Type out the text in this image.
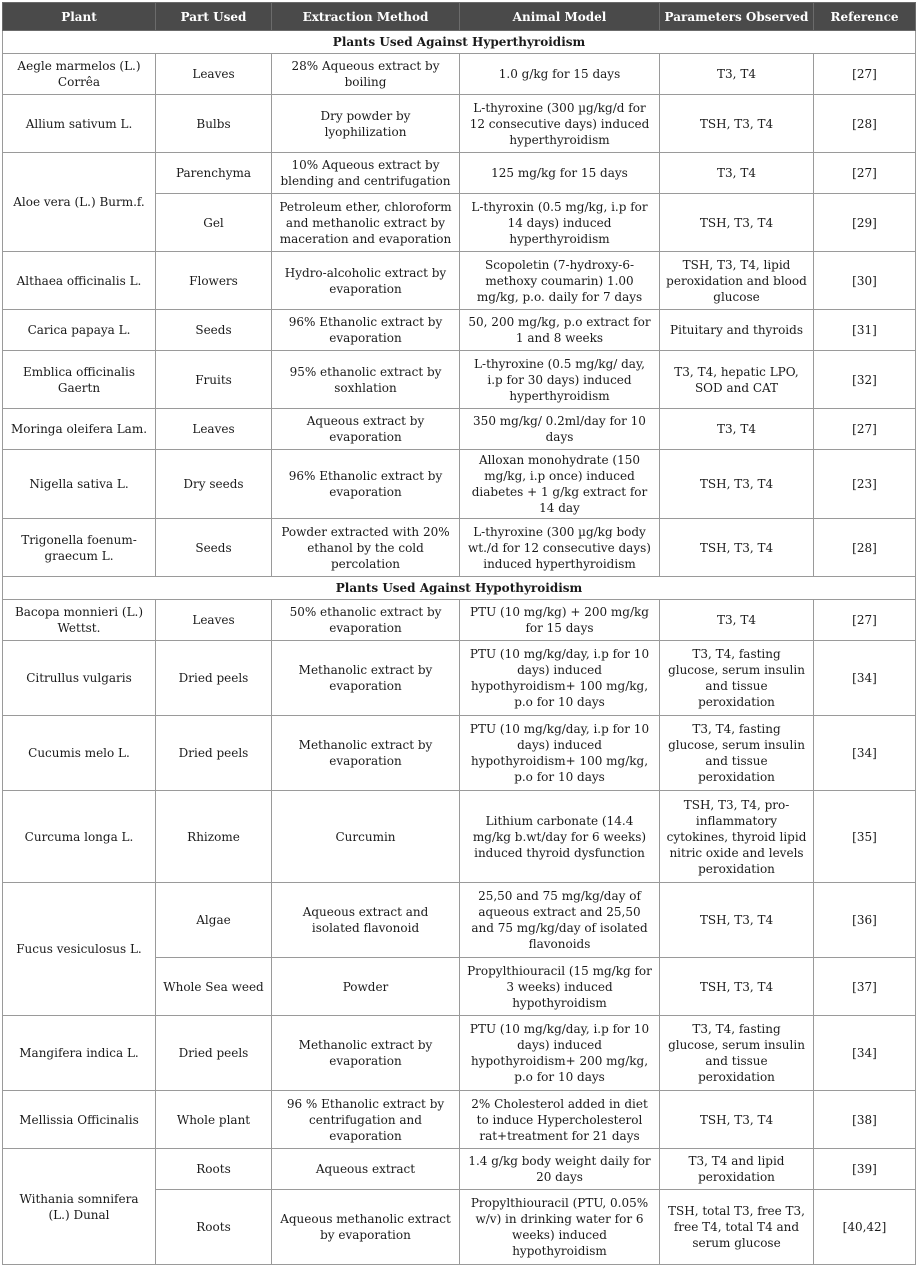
Plant	Part Used	Extraction Method	Animal Model	Parameters Observed	Reference
Plants Used Against Hyperthyroidism					
Aegle marmelos (L.) Corrêa	Leaves	28% Aqueous extract by boiling	1.0 g/kg for 15 days	T3, T4	[27]
Allium sativum L.	Bulbs	Dry powder by lyophilization	L-thyroxine (300 µg/kg/d for 12 consecutive days) induced hyperthyroidism	TSH, T3, T4	[28]
Aloe vera (L.) Burm.f.	Parenchyma	10% Aqueous extract by blending and centrifugation	125 mg/kg for 15 days	T3, T4	[27]
	Gel	Petroleum ether, chloroform and methanolic extract by maceration and evaporation	L-thyroxin (0.5 mg/kg, i.p for 14 days) induced hyperthyroidism	TSH, T3, T4	[29]
Althaea officinalis L.	Flowers	Hydro-alcoholic extract by evaporation	Scopoletin (7-hydroxy-6-methoxy coumarin) 1.00 mg/kg, p.o. daily for 7 days	TSH, T3, T4, lipid peroxidation and blood glucose	[30]
Carica papaya L.	Seeds	96% Ethanolic extract by evaporation	50, 200 mg/kg, p.o extract for 1 and 8 weeks	Pituitary and thyroids	[31]
Emblica officinalis Gaertn	Fruits	95% ethanolic extract by soxhlation	L-thyroxine (0.5 mg/kg/ day, i.p for 30 days) induced hyperthyroidism	T3, T4, hepatic LPO, SOD and CAT	[32]
Moringa oleifera Lam.	Leaves	Aqueous extract by evaporation	350 mg/kg/ 0.2ml/day for 10 days	T3, T4	[27]
Nigella sativa L.	Dry seeds	96% Ethanolic extract by evaporation	Alloxan monohydrate (150 mg/kg, i.p once) induced diabetes + 1 g/kg extract for 14 day	TSH, T3, T4	[23]
Trigonella foenum-graecum L.	Seeds	Powder extracted with 20% ethanol by the cold percolation	L-thyroxine (300 µg/kg body wt./d for 12 consecutive days) induced hyperthyroidism	TSH, T3, T4	[28]
Plants Used Against Hypothyroidism					
Bacopa monnieri (L.) Wettst.	Leaves	50% ethanolic extract by evaporation	PTU (10 mg/kg) + 200 mg/kg for 15 days	T3, T4	[27]
Citrullus vulgaris	Dried peels	Methanolic extract by evaporation	PTU (10 mg/kg/day, i.p for 10 days) induced hypothyroidism+ 100 mg/kg, p.o for 10 days	T3, T4, fasting glucose, serum insulin and tissue peroxidation	[34]
Cucumis melo L.	Dried peels	Methanolic extract by evaporation	PTU (10 mg/kg/day, i.p for 10 days) induced hypothyroidism+ 100 mg/kg, p.o for 10 days	T3, T4, fasting glucose, serum insulin and tissue peroxidation	[34]
Curcuma longa L.	Rhizome	Curcumin	Lithium carbonate (14.4 mg/kg b.wt/day for 6 weeks) induced thyroid dysfunction	TSH, T3, T4, pro-inflammatory cytokines, thyroid lipid nitric oxide and levels peroxidation	[35]
Fucus vesiculosus L.	Algae	Aqueous extract and isolated flavonoid	25,50 and 75 mg/kg/day of aqueous extract and 25,50 and 75 mg/kg/day of isolated flavonoids	TSH, T3, T4	[36]
	Whole Sea weed	Powder	Propylthiouracil (15 mg/kg for 3 weeks) induced hypothyroidism	TSH, T3, T4	[37]
Mangifera indica L.	Dried peels	Methanolic extract by evaporation	PTU (10 mg/kg/day, i.p for 10 days) induced hypothyroidism+ 200 mg/kg, p.o for 10 days	T3, T4, fasting glucose, serum insulin and tissue peroxidation	[34]
Mellissia Officinalis	Whole plant	96 % Ethanolic extract by centrifugation and evaporation	2% Cholesterol added in diet to induce Hypercholesterol rat+treatment for 21 days	TSH, T3, T4	[38]
Withania somnifera (L.) Dunal	Roots	Aqueous extract	1.4 g/kg body weight daily for 20 days	T3, T4 and lipid peroxidation	[39]
	Roots	Aqueous methanolic extract by evaporation	Propylthiouracil (PTU, 0.05% w/v) in drinking water for 6 weeks) induced hypothyroidism	TSH, total T3, free T3, free T4, total T4 and serum glucose	[40,42]
